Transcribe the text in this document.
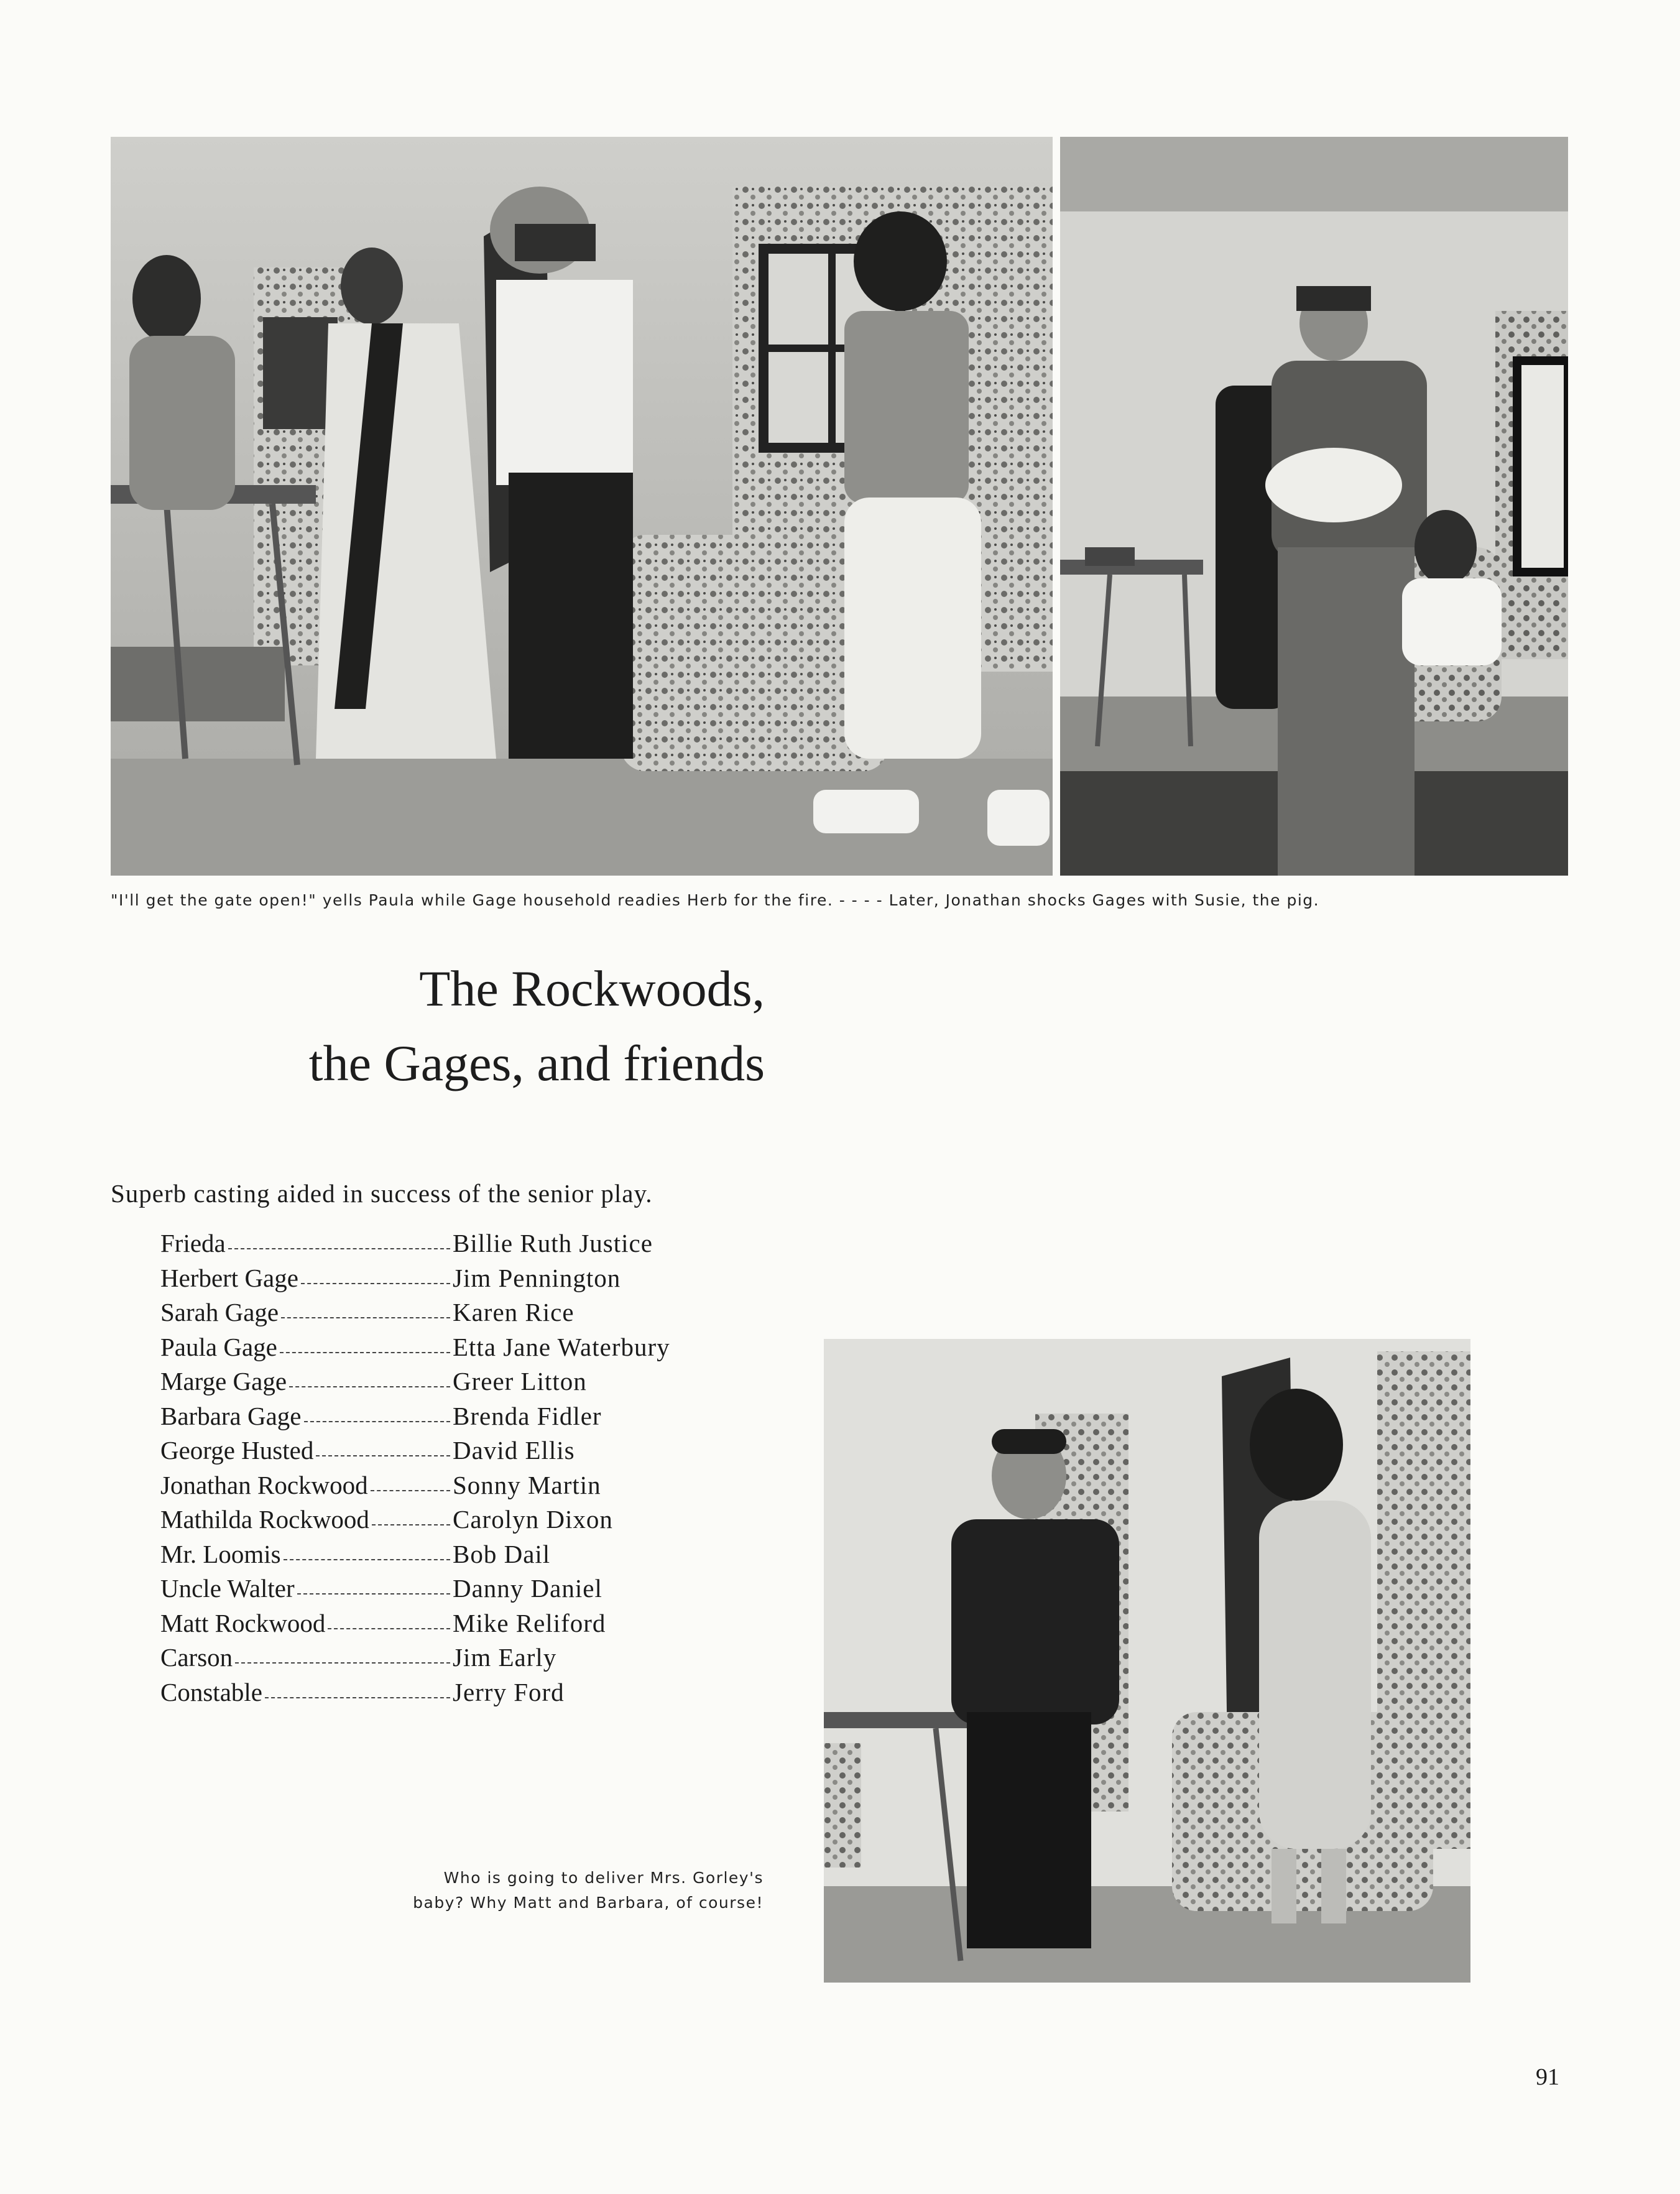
"I'll get the gate open!" yells Paula while Gage household readies Herb for the fire. - - - - Later, Jonathan shocks Gages with Susie, the pig.
The Rockwoods,
the Gages, and friends
Superb casting aided in success of the senior play.
Frieda	Billie Ruth Justice
Herbert Gage	Jim Pennington
Sarah Gage	Karen Rice
Paula Gage	Etta Jane Waterbury
Marge Gage	Greer Litton
Barbara Gage	Brenda Fidler
George Husted	David Ellis
Jonathan Rockwood	Sonny Martin
Mathilda Rockwood	Carolyn Dixon
Mr. Loomis	Bob Dail
Uncle Walter	Danny Daniel
Matt Rockwood	Mike Reliford
Carson	Jim Early
Constable	Jerry Ford
Who is going to deliver Mrs. Gorley's
baby? Why Matt and Barbara, of course!
91
